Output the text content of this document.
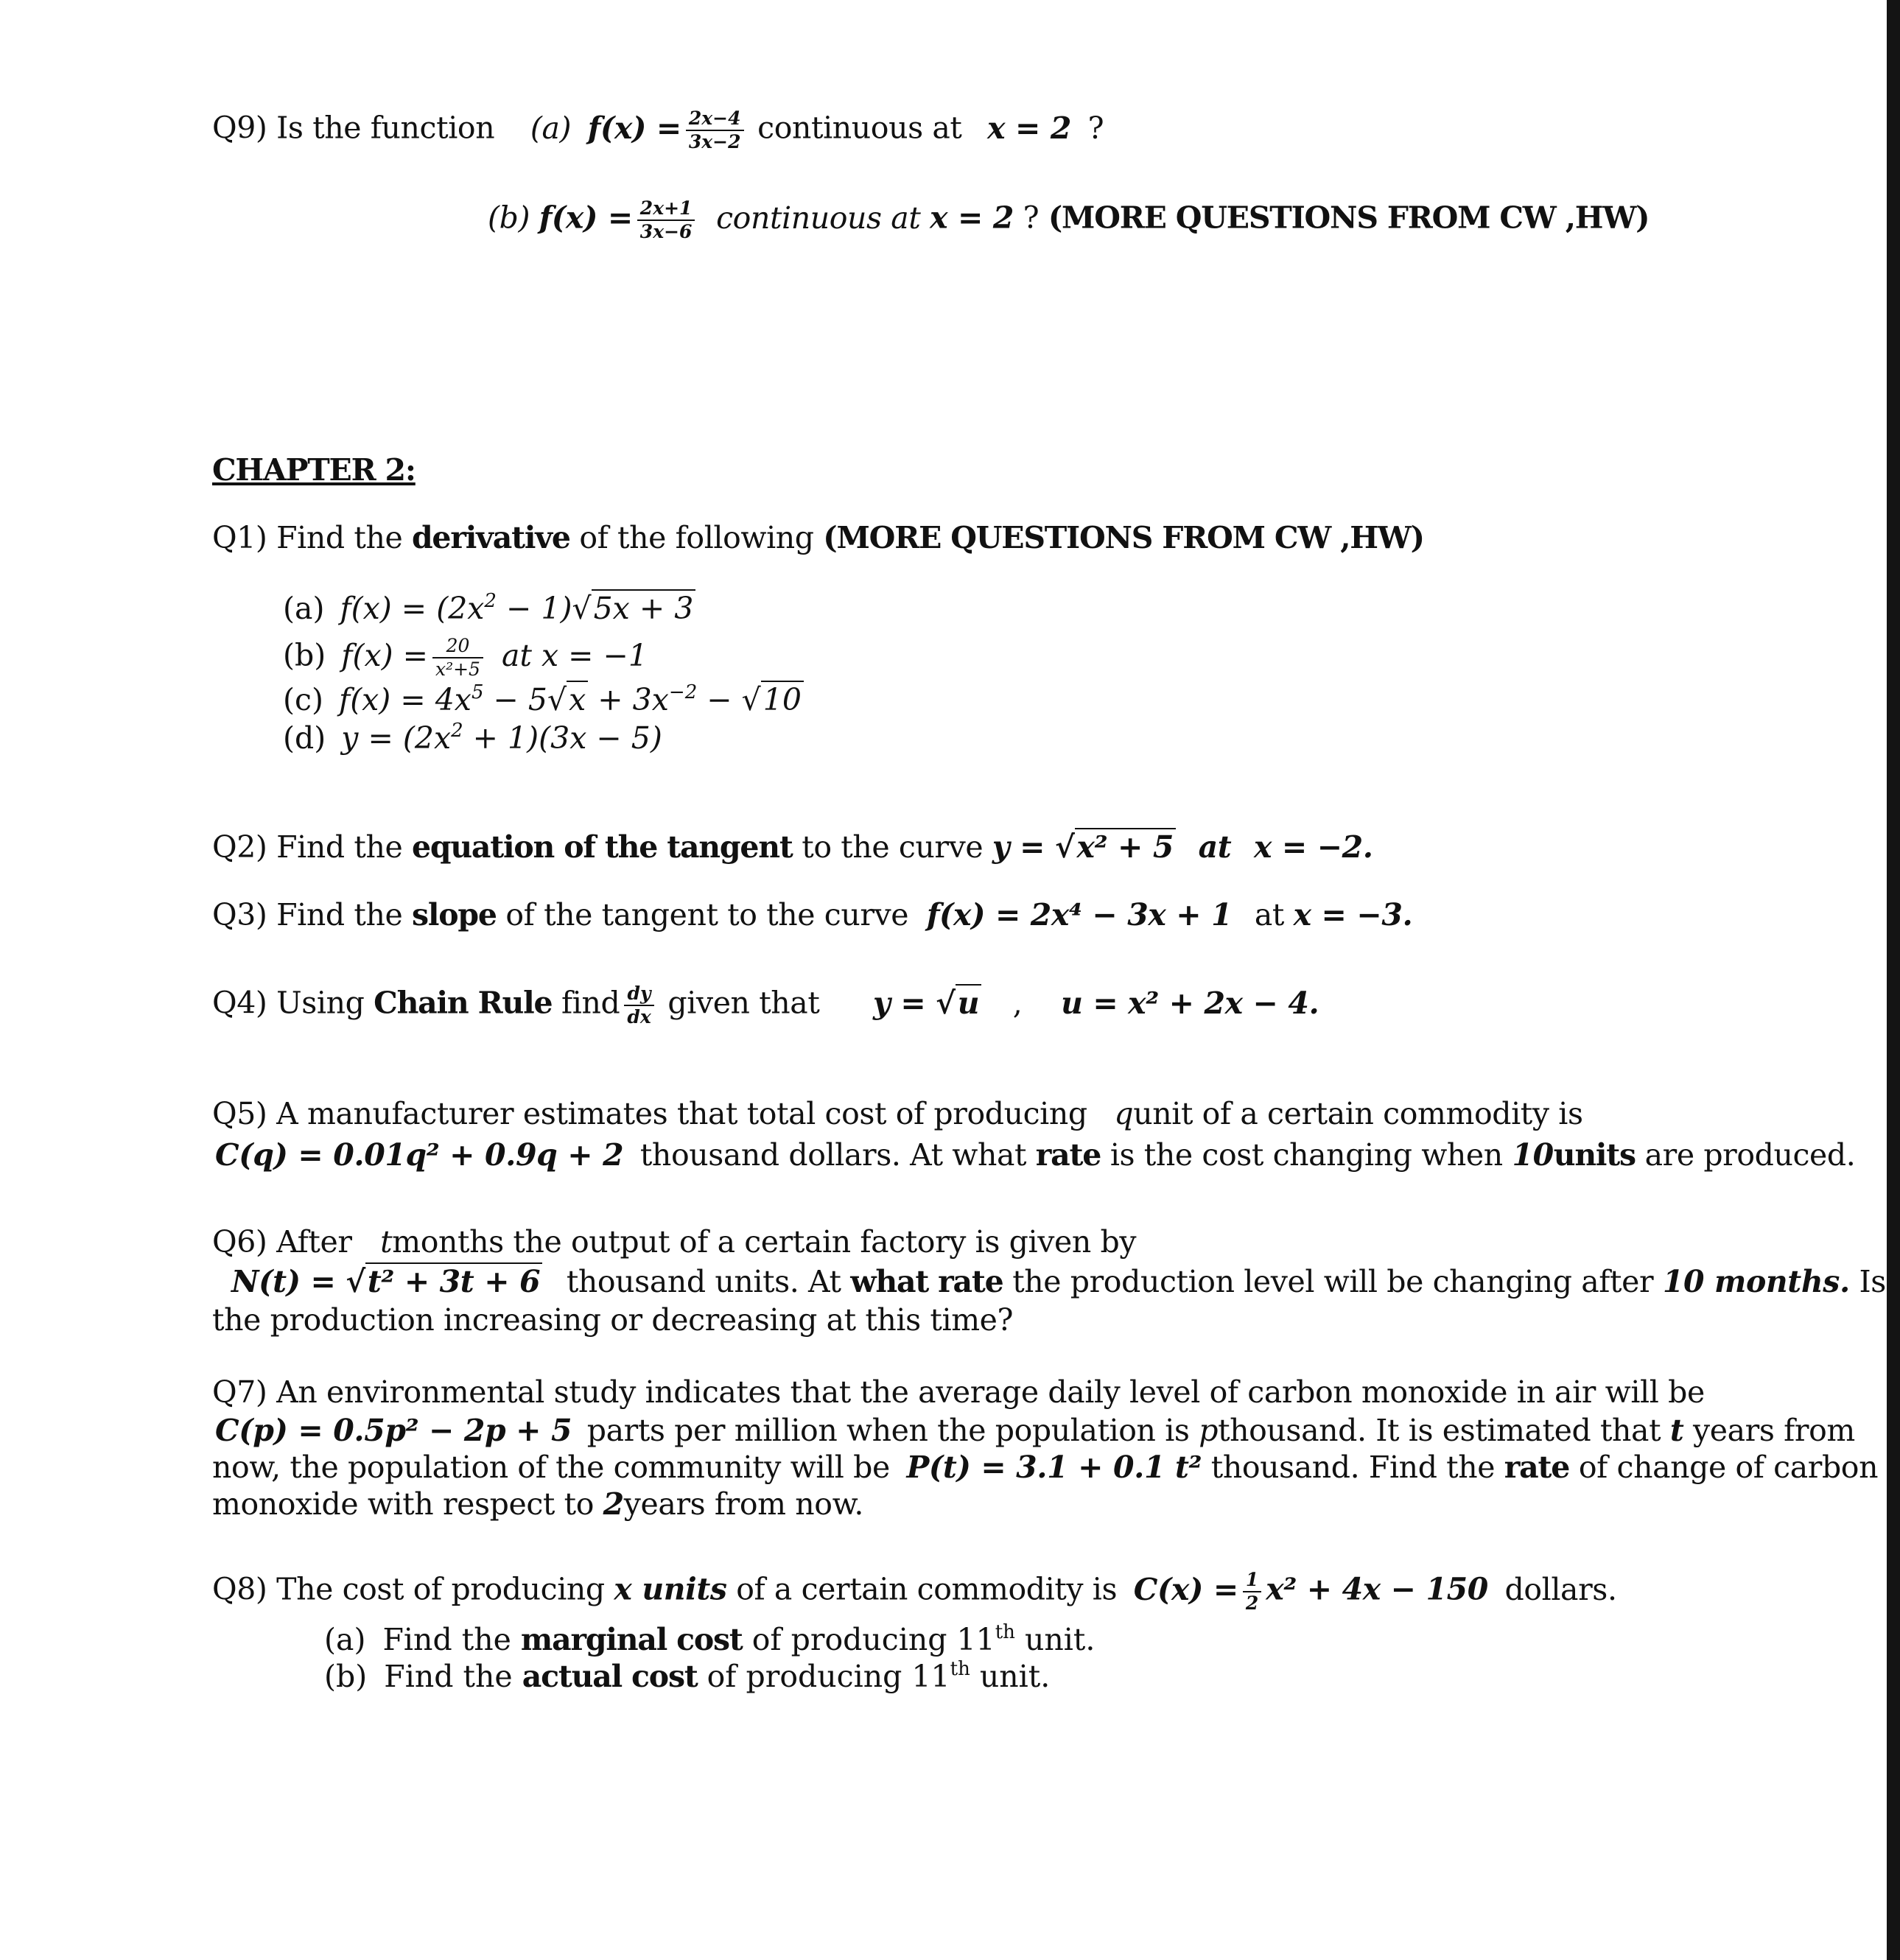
Q9) Is the function (a) $f(x) = \frac{2x-4}{3x-2}$ continuous at x = 2 ?
(b) $f(x) = \frac{2x+1}{3x-6}$ continuous at x = 2 ? (MORE QUESTIONS FROM CW ,HW)
CHAPTER 2:
Q1) Find the derivative of the following (MORE QUESTIONS FROM CW ,HW)
(a) $f(x) = (2x^2 - 1)√5x + 3$
(b) $f(x) = \frac{20}{\text{x²+5}}$ at x = −1
(c) $f(x) = 4x^5 - 5√x + 3x^{-2} - √10$
(d) $y = (2x^2 + 1)(3x - 5)$
Q2) Find the equation of the tangent to the curve y = √x² + 5 at x = −2.
Q3) Find the slope of the tangent to the curve f(x) = 2x⁴ − 3x + 1 at x = −3.
Q4) Using Chain Rule find $\frac{dy}{dx}$ given that y = √u , u = x² + 2x − 4.
Q5) A manufacturer estimates that total cost of producing qunit of a certain commodity is
C(q) = 0.01q² + 0.9q + 2 thousand dollars. At what rate is the cost changing when 10units are produced.
Q6) After tmonths the output of a certain factory is given by
N(t) = √t² + 3t + 6 thousand units. At what rate the production level will be changing after 10 months. Is
the production increasing or decreasing at this time?
Q7) An environmental study indicates that the average daily level of carbon monoxide in air will be
C(p) = 0.5p² − 2p + 5 parts per million when the population is pthousand. It is estimated that t years from
now, the population of the community will be P(t) = 3.1 + 0.1 t² thousand. Find the rate of change of carbon
monoxide with respect to 2years from now.
Q8) The cost of producing x units of a certain commodity is $C(x) = \frac{1}{2} x^2 + 4x - 150$ dollars.
(a) Find the marginal cost of producing 11th unit.
(b) Find the actual cost of producing 11th unit.
